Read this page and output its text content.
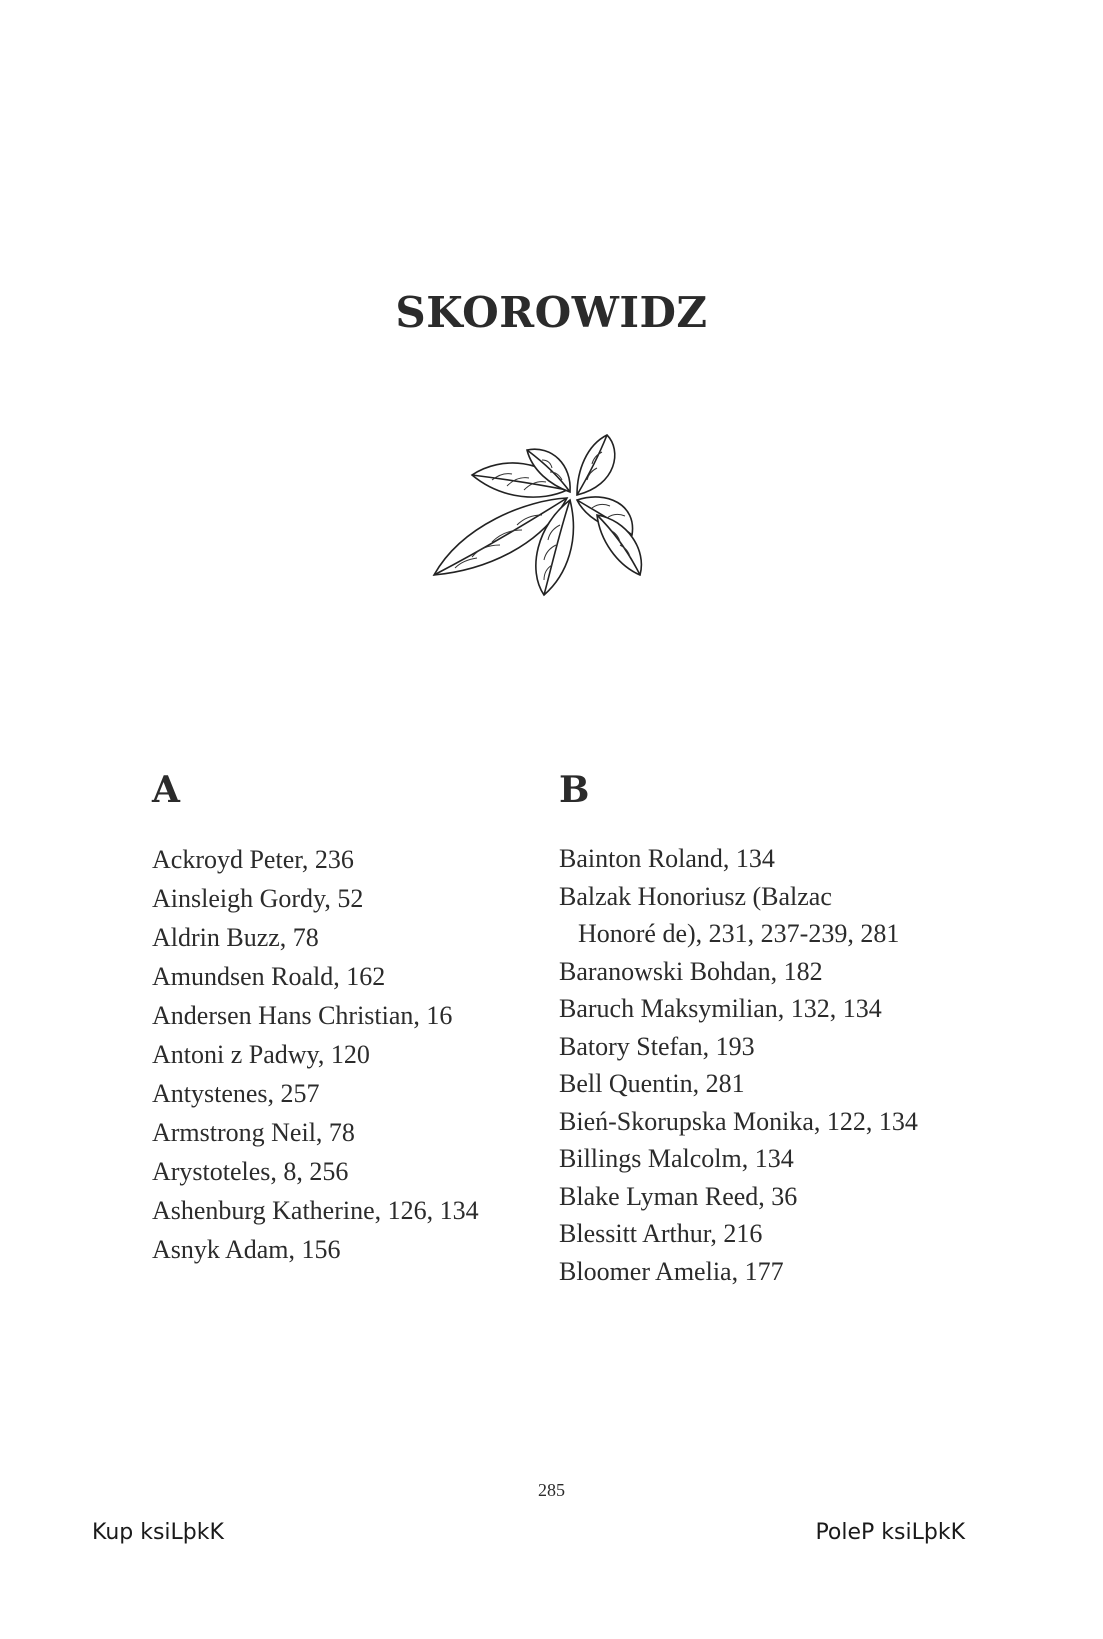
SKOROWIDZ
A
Ackroyd Peter, 236
Ainsleigh Gordy, 52
Aldrin Buzz, 78
Amundsen Roald, 162
Andersen Hans Christian, 16
Antoni z Padwy, 120
Antystenes, 257
Armstrong Neil, 78
Arystoteles, 8, 256
Ashenburg Katherine, 126, 134
Asnyk Adam, 156
B
Bainton Roland, 134
Balzak Honoriusz (Balzac
Honoré de), 231, 237-239, 281
Baranowski Bohdan, 182
Baruch Maksymilian, 132, 134
Batory Stefan, 193
Bell Quentin, 281
Bień-Skorupska Monika, 122, 134
Billings Malcolm, 134
Blake Lyman Reed, 36
Blessitt Arthur, 216
Bloomer Amelia, 177
285
Kup ksiLþkK	PoleP ksiLþkK
